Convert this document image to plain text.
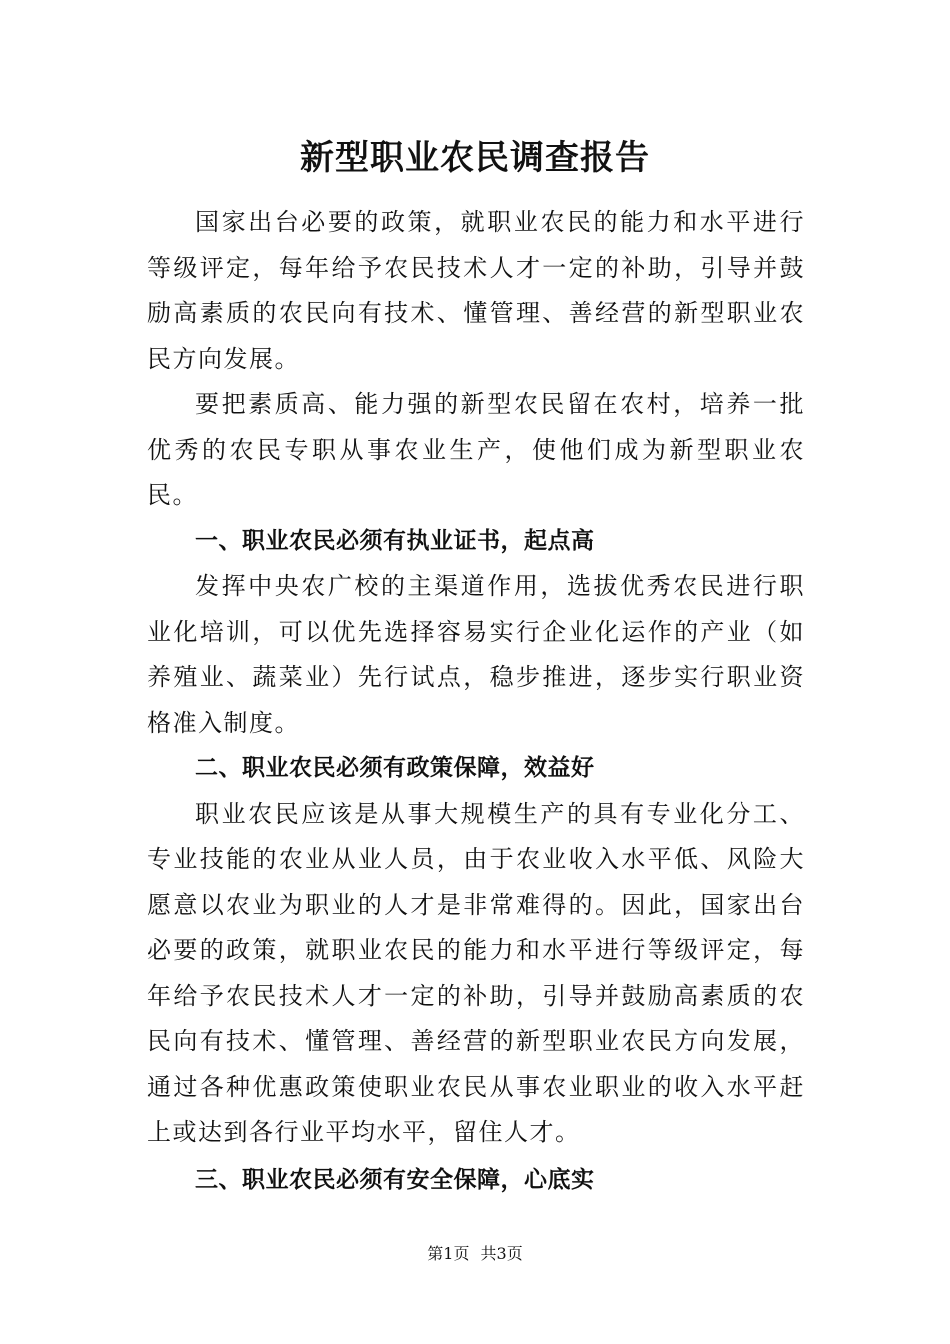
新型职业农民调查报告

国家出台必要的政策，就职业农民的能力和水平进行等级评定，每年给予农民技术人才一定的补助，引导并鼓励高素质的农民向有技术、懂管理、善经营的新型职业农民方向发展。

要把素质高、能力强的新型农民留在农村，培养一批优秀的农民专职从事农业生产，使他们成为新型职业农民。

一、职业农民必须有执业证书，起点高

发挥中央农广校的主渠道作用，选拔优秀农民进行职业化培训，可以优先选择容易实行企业化运作的产业（如养殖业、蔬菜业）先行试点，稳步推进，逐步实行职业资格准入制度。

二、职业农民必须有政策保障，效益好

职业农民应该是从事大规模生产的具有专业化分工、专业技能的农业从业人员，由于农业收入水平低、风险大愿意以农业为职业的人才是非常难得的。因此，国家出台必要的政策，就职业农民的能力和水平进行等级评定，每年给予农民技术人才一定的补助，引导并鼓励高素质的农民向有技术、懂管理、善经营的新型职业农民方向发展，通过各种优惠政策使职业农民从事农业职业的收入水平赶上或达到各行业平均水平，留住人才。

三、职业农民必须有安全保障，心底实

第1页 共3页
